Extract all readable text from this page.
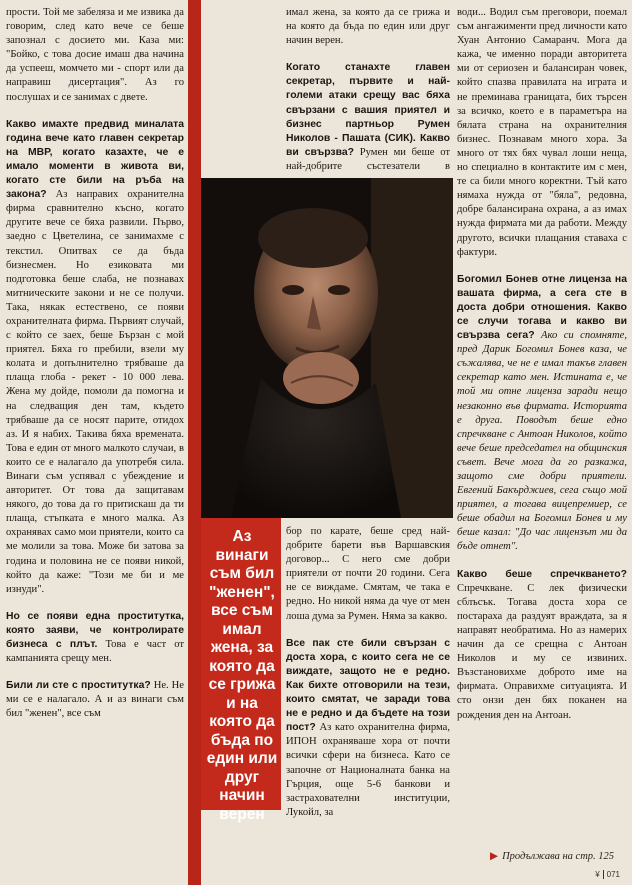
прости. Той ме забеляза и ме извика да говорим, след като вече се беше запознал с досието ми. Каза ми: "Бойко, с това досие имаш два начина да успееш, момчето ми - спорт или да направиш дисертация". Аз го послушах и се занимах с двете.

Какво имахте предвид миналата година вече като главен секретар на МВР, когато казахте, че е имало моменти в живота ви, когато сте били на ръба на закона? Аз направих охранителна фирма сравнително късно, когато другите вече се бяха развили. Първо, заедно с Цветелина, се занимахме с текстил. Опитвах се да бъда бизнесмен. Но езиковата ми подготовка беше слаба, не познавах митническите закони и не се получи. Така, някак естествено, се появи охранителната фирма. Първият случай, с който се заех, беше Бързан с мой приятел. Бяха го пребили, взели му колата и допълнително трябваше да плаща глоба - рекет - 10 000 лева. Жена му дойде, помоли да помогна и на следващия ден там, където трябваше да се носят парите, отидох аз. И я набих. Такива бяха времената. Това е един от много малкото случаи, в които се е налагало да употребя сила. Винаги съм успявал с убеждение и авторитет. От това да защитавам някого, до това да го притискаш да ти плаща, стъпката е много малка. Аз охранявах само мои приятели, които са ме молили за това. Може би затова за година и половина не се появи никой, който да каже: "Този ме би и ме изнуди".

Но се появи една проститутка, която заяви, че контролирате бизнеса с плът. Това е част от кампанията срещу мен.

Били ли сте с проститутка? Не. Не ми се е налагало. А и аз винаги съм бил "женен", все съм

имал жена, за която да се грижа и на която да бъда по един или друг начин верен.

Когато станахте главен секретар, първите и най-големи атаки срещу вас бяха свързани с вашия приятел и бизнес партньор Румен Николов - Пашата (СИК). Какво ви свързва? Румен ми беше от най-добрите състезатели в

Аз винаги съм бил "женен", все съм имал жена, за която да се грижа и на която да бъда по един или друг начин верен

бор по карате, беше сред най-добрите барети във Варшавския договор... С него сме добри приятели от почти 20 години. Сега не се виждаме. Смятам, че така е редно. Но никой няма да чуе от мен лоша дума за Румен. Няма за какво.

Все пак сте били свързан с доста хора, с които сега не се виждате, защото не е редно. Как бихте отговорили на тези, които смятат, че заради това не е редно и да бъдете на този пост? Аз като охранителна фирма, ИПОН охраняваше хора от почти всички сфери на бизнеса. Като се започне от Националната банка на Гърция, още 5-6 банкови и застрахователни институции, Лукойл, за

води... Водил съм преговори, поемал съм ангажименти пред личности като Хуан Антонио Самаранч. Мога да кажа, че именно поради авторитета ми от сериозен и балансиран човек, който спазва правилата на играта и не преминава границата, бих търсен за всичко, което е в параметъра на бялата страна на охранителния бизнес. Познавам много хора. За много от тях бях чувал лоши неща, но специално в контактите им с мен, те са били много коректни. Тъй като нямаха нужда от "бяла", редовна, добре балансирана охрана, а аз имах нужда фирмата ми да работи. Между другото, всички плащания ставаха с фактури.

Богомил Бонев отне лиценза на вашата фирма, а сега сте в доста добри отношения. Какво се случи тогава и какво ви свързва сега? Ако си спомняте, пред Дарик Богомил Бонев каза, че съжалява, че не е имал такъв главен секретар като мен. Истината е, че той ми отне лиценза заради нещо незаконно във фирмата. Историята е друга. Поводът беше едно спречкване с Антоан Николов, който вече беше председател на общинския съвет. Вече мога да го разкажа, защото сме добри приятели. Евгений Бакърджиев, сега също мой приятел, а тогава вицепремиер, се беше обадил на Богомил Бонев и му беше казал: "До час лицензът ми да бъде отнет".

Какво беше спречкването? Спречкване. С лек физически сблъсък. Тогава доста хора се постараха да раздуят враждата, за я направят необратима. Но аз намерих начин да се срещна с Антоан Николов и му се извиних. Възстановихме доброто име на фирмата. Оправихме ситуацията. И сто онзи ден бях поканен на рождения ден на Антоан.

▶ Продължава на стр. 125
¥ 071
